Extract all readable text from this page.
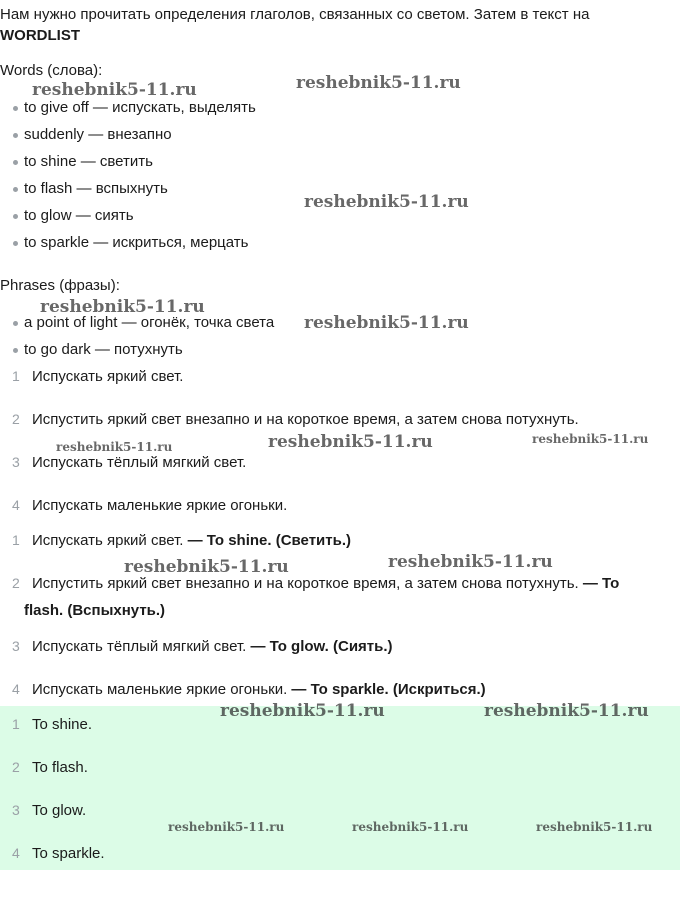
Нам нужно прочитать определения глаголов, связанных со светом. Затем в текст на
WORDLIST
Words (слова):
to give off — испускать, выделять
suddenly — внезапно
to shine — светить
to flash — вспыхнуть
to glow — сиять
to sparkle — искриться, мерцать
Phrases (фразы):
a point of light — огонёк, точка света
to go dark — потухнуть
1 Испускать яркий свет.
2 Испустить яркий свет внезапно и на короткое время, а затем снова потухнуть.
3 Испускать тёплый мягкий свет.
4 Испускать маленькие яркие огоньки.
1 Испускать яркий свет. — To shine. (Светить.)
2 Испустить яркий свет внезапно и на короткое время, а затем снова потухнуть. — To
flash. (Вспыхнуть.)
3 Испускать тёплый мягкий свет. — To glow. (Сиять.)
4 Испускать маленькие яркие огоньки. — To sparkle. (Искриться.)
1 To shine.
2 To flash.
3 To glow.
4 To sparkle.
reshebnik5-11.ru	reshebnik5-11.ru
reshebnik5-11.ru
reshebnik5-11.ru
reshebnik5-11.ru
reshebnik5-11.ru	reshebnik5-11.ru	reshebnik5-11.ru
reshebnik5-11.ru	reshebnik5-11.ru
reshebnik5-11.ru	reshebnik5-11.ru
reshebnik5-11.ru	reshebnik5-11.ru	reshebnik5-11.ru
